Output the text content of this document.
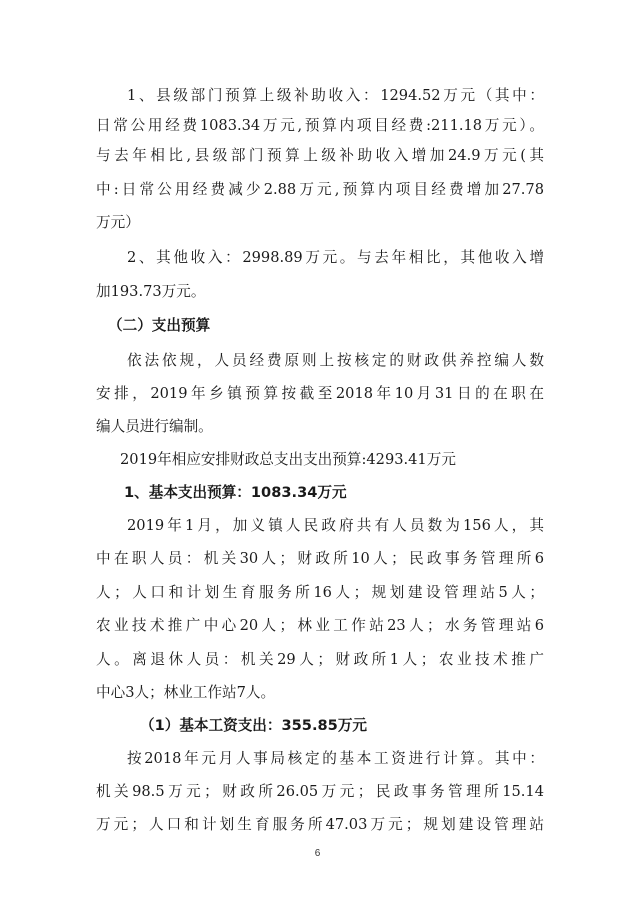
1、县级部门预算上级补助收入：1294.52万元（其中：
日常公用经费1083.34万元,预算内项目经费:211.18万元）。
与去年相比,县级部门预算上级补助收入增加24.9万元(其
中:日常公用经费减少2.88万元,预算内项目经费增加27.78
万元）
2、其他收入：2998.89万元。与去年相比，其他收入增
加193.73万元。
（二）支出预算
依法依规，人员经费原则上按核定的财政供养控编人数
安排，2019年乡镇预算按截至2018年10月31日的在职在
编人员进行编制。
2019年相应安排财政总支出支出预算:4293.41万元
1、基本支出预算：1083.34万元
2019年1月，加义镇人民政府共有人员数为156人，其
中在职人员：机关30人；财政所10人；民政事务管理所6
人；人口和计划生育服务所16人；规划建设管理站5人；
农业技术推广中心20人；林业工作站23人；水务管理站6
人。离退休人员：机关29人；财政所1人；农业技术推广
中心3人；林业工作站7人。
（1）基本工资支出：355.85万元
按2018年元月人事局核定的基本工资进行计算。其中：
机关98.5万元；财政所26.05万元；民政事务管理所15.14
万元；人口和计划生育服务所47.03万元；规划建设管理站
6
